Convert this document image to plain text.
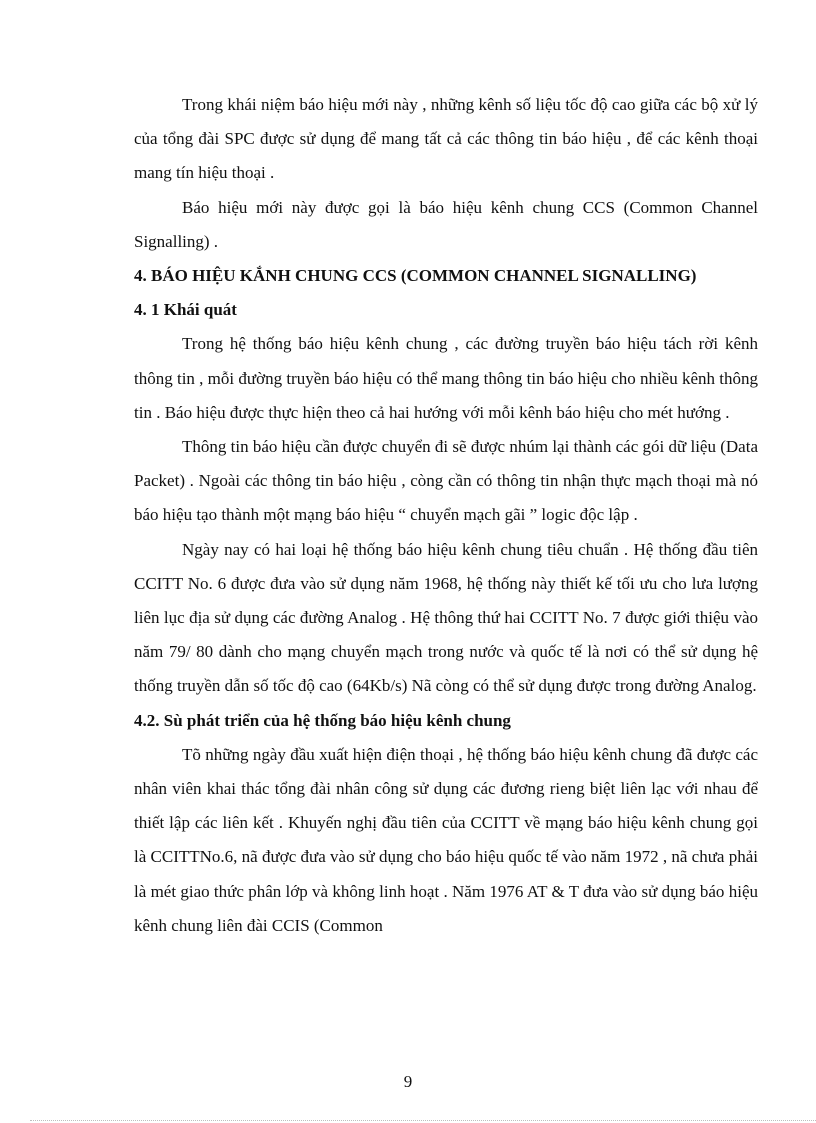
Trong khái niệm báo hiệu mới này , những kênh số liệu tốc độ cao giữa các bộ xử lý của tổng đài SPC được sử dụng để mang tất cả các thông tin báo hiệu , để các kênh thoại mang tín hiệu thoại .

Báo hiệu mới này được gọi là báo hiệu kênh chung CCS (Common Channel Signalling) .

4. BÁO HIỆU KẮNH CHUNG CCS (COMMON CHANNEL SIGNALLING)

4. 1 Khái quát

Trong hệ thống báo hiệu kênh chung , các đường truyền báo hiệu tách rời kênh thông tin , mỗi đường truyền báo hiệu có thể mang thông tin báo hiệu cho nhiều kênh thông tin . Báo hiệu được thực hiện theo cả hai hướng với mỗi kênh báo hiệu cho mét hướng .

Thông tin báo hiệu cần được chuyển đi sẽ được nhúm lại thành các gói dữ liệu (Data Packet) . Ngoài các thông tin báo hiệu , còng cần có thông tin nhận thực mạch thoại mà nó báo hiệu tạo thành một mạng báo hiệu “ chuyển mạch gãi ” logic độc lập .

Ngày nay có hai loại hệ thống báo hiệu kênh chung tiêu chuẩn . Hệ thống đầu tiên CCITT No. 6 được đưa vào sử dụng năm 1968, hệ thống này thiết kế tối ưu cho lưa lượng liên lục địa sử dụng các đường Analog . Hệ thông thứ hai CCITT No. 7 được giới thiệu vào năm 79/ 80 dành cho mạng chuyển mạch trong nước và quốc tế là nơi có thể sử dụng hệ thống truyền dẫn số tốc độ cao (64Kb/s) Nã còng có thể sử dụng được trong đường Analog.

4.2. Sù phát triển của hệ thống báo hiệu kênh chung

Tõ những ngày đầu xuất hiện điện thoại , hệ thống báo hiệu kênh chung đã được các nhân viên khai thác tổng đài nhân công sử dụng các đương rieng biệt liên lạc với nhau để thiết lập các liên kết . Khuyến nghị đầu tiên của CCITT về mạng báo hiệu kênh chung gọi là CCITTNo.6, nã được đưa vào sử dụng cho báo hiệu quốc tế vào năm 1972 , nã chưa phải là mét giao thức phân lớp và không linh hoạt . Năm 1976 AT & T đưa vào sử dụng báo hiệu kênh chung liên đài CCIS (Common

9
